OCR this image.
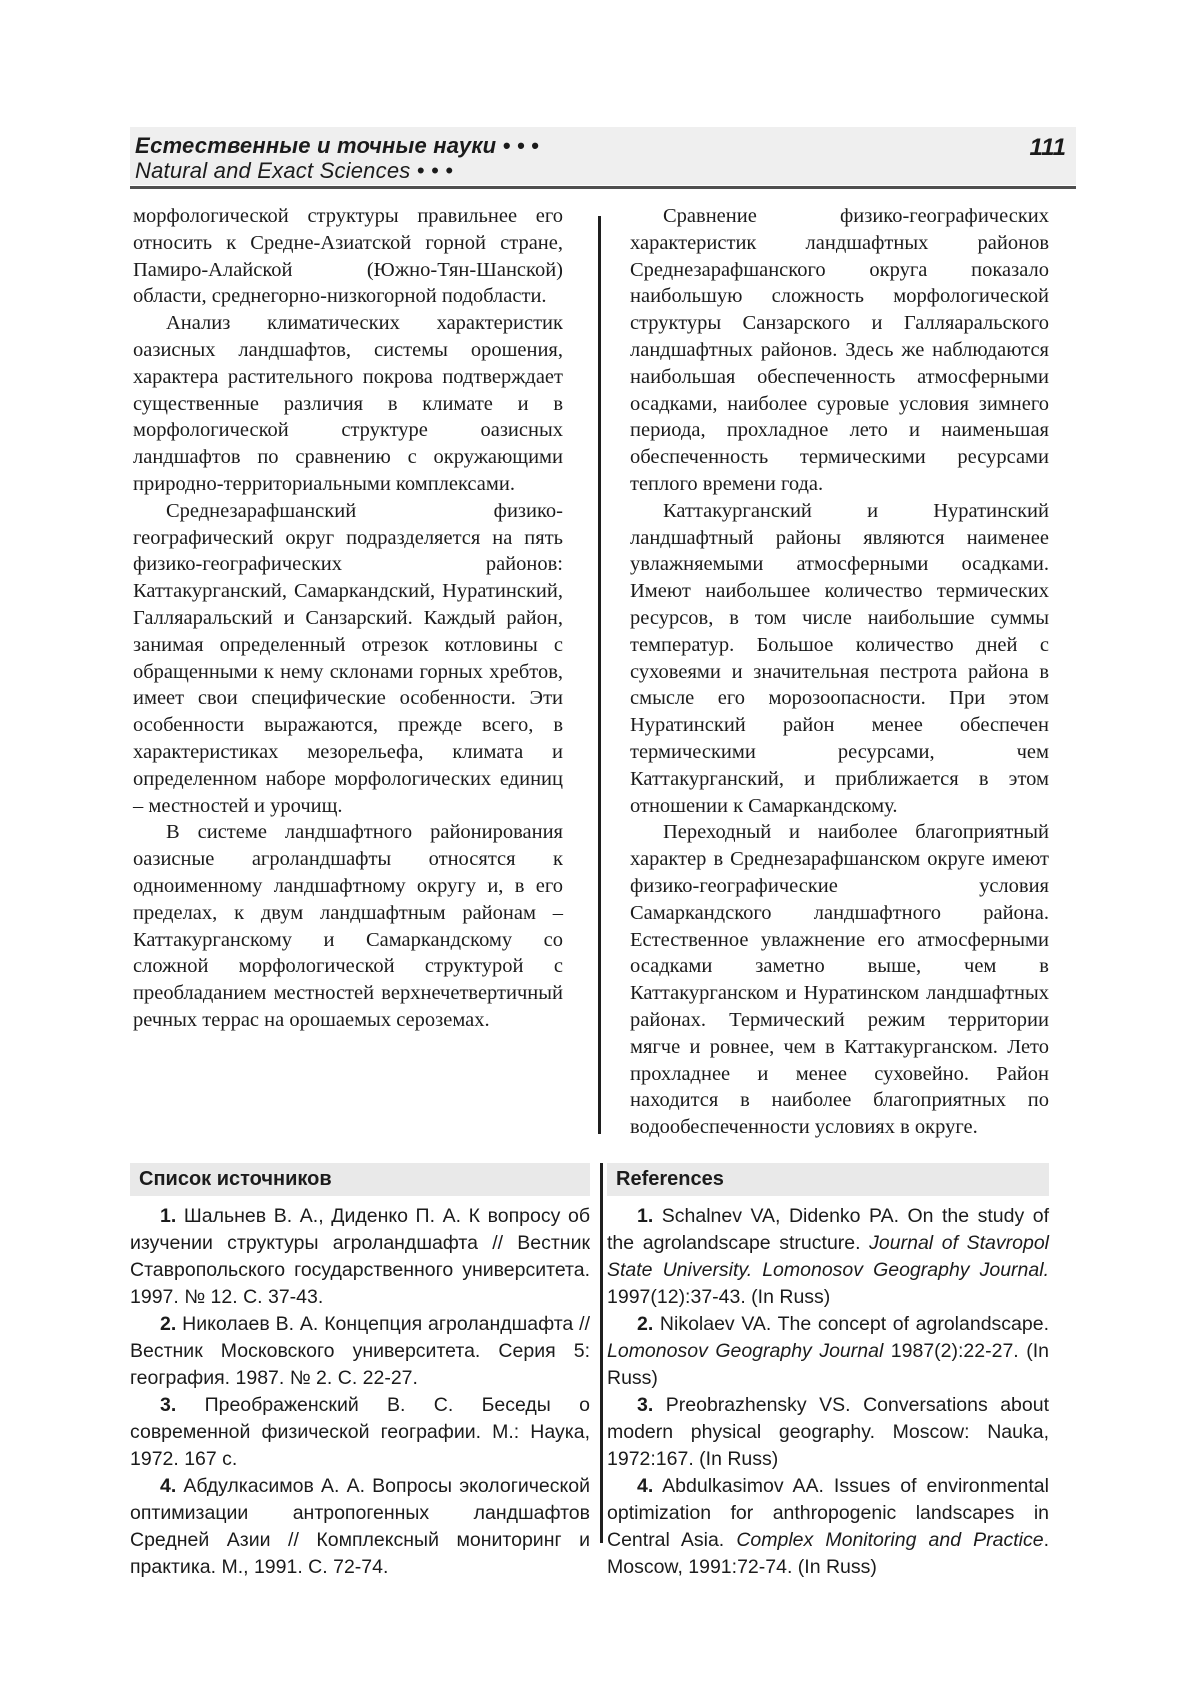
Естественные и точные науки • • •
Natural and Exact Sciences • • •
111

морфологической структуры правильнее его относить к Средне-Азиатской горной стране, Памиро-Алайской (Южно-Тян-Шанской) области, среднегорно-низкогорной подобласти.

Анализ климатических характеристик оазисных ландшафтов, системы орошения, характера растительного покрова подтверждает существенные различия в климате и в морфологической структуре оазисных ландшафтов по сравнению с окружающими природно-территориальными комплексами.

Среднезарафшанский физико-географический округ подразделяется на пять физико-географических районов: Каттакурганский, Самаркандский, Нуратинский, Галляаральский и Санзарский. Каждый район, занимая определенный отрезок котловины с обращенными к нему склонами горных хребтов, имеет свои специфические особенности. Эти особенности выражаются, прежде всего, в характеристиках мезорельефа, климата и определенном наборе морфологических единиц – местностей и урочищ.

В системе ландшафтного районирования оазисные агроландшафты относятся к одноименному ландшафтному округу и, в его пределах, к двум ландшафтным районам – Каттакурганскому и Самаркандскому со сложной морфологической структурой с преобладанием местностей верхнечетвертичный речных террас на орошаемых сероземах.

Сравнение физико-географических характеристик ландшафтных районов Среднезарафшанского округа показало наибольшую сложность морфологической структуры Санзарского и Галляаральского ландшафтных районов. Здесь же наблюдаются наибольшая обеспеченность атмосферными осадками, наиболее суровые условия зимнего периода, прохладное лето и наименьшая обеспеченность термическими ресурсами теплого времени года.

Каттакурганский и Нуратинский ландшафтный районы являются наименее увлажняемыми атмосферными осадками. Имеют наибольшее количество термических ресурсов, в том числе наибольшие суммы температур. Большое количество дней с суховеями и значительная пестрота района в смысле его морозоопасности. При этом Нуратинский район менее обеспечен термическими ресурсами, чем Каттакурганский, и приближается в этом отношении к Самаркандскому.

Переходный и наиболее благоприятный характер в Среднезарафшанском округе имеют физико-географические условия Самаркандского ландшафтного района. Естественное увлажнение его атмосферными осадками заметно выше, чем в Каттакурганском и Нуратинском ландшафтных районах. Термический режим территории мягче и ровнее, чем в Каттакурганском. Лето прохладнее и менее суховейно. Район находится в наиболее благоприятных по водообеспеченности условиях в округе.

Список источников

1. Шальнев В. А., Диденко П. А. К вопросу об изучении структуры агроландшафта // Вестник Ставропольского государственного университета. 1997. № 12. С. 37-43.

2. Николаев В. А. Концепция агроландшафта // Вестник Московского университета. Серия 5: география. 1987. № 2. С. 22-27.

3. Преображенский В. С. Беседы о современной физической географии. М.: Наука, 1972. 167 с.

4. Абдулкасимов А. А. Вопросы экологической оптимизации антропогенных ландшафтов Средней Азии // Комплексный мониторинг и практика. М., 1991. С. 72-74.

References

1. Schalnev VA, Didenko PA. On the study of the agrolandscape structure. Journal of Stavropol State University. Lomonosov Geography Journal. 1997(12):37-43. (In Russ)

2. Nikolaev VA. The concept of agrolandscape. Lomonosov Geography Journal 1987(2):22-27. (In Russ)

3. Preobrazhensky VS. Conversations about modern physical geography. Moscow: Nauka, 1972:167. (In Russ)

4. Abdulkasimov AA. Issues of environmental optimization for anthropogenic landscapes in Central Asia. Complex Monitoring and Practice. Moscow, 1991:72-74. (In Russ)
